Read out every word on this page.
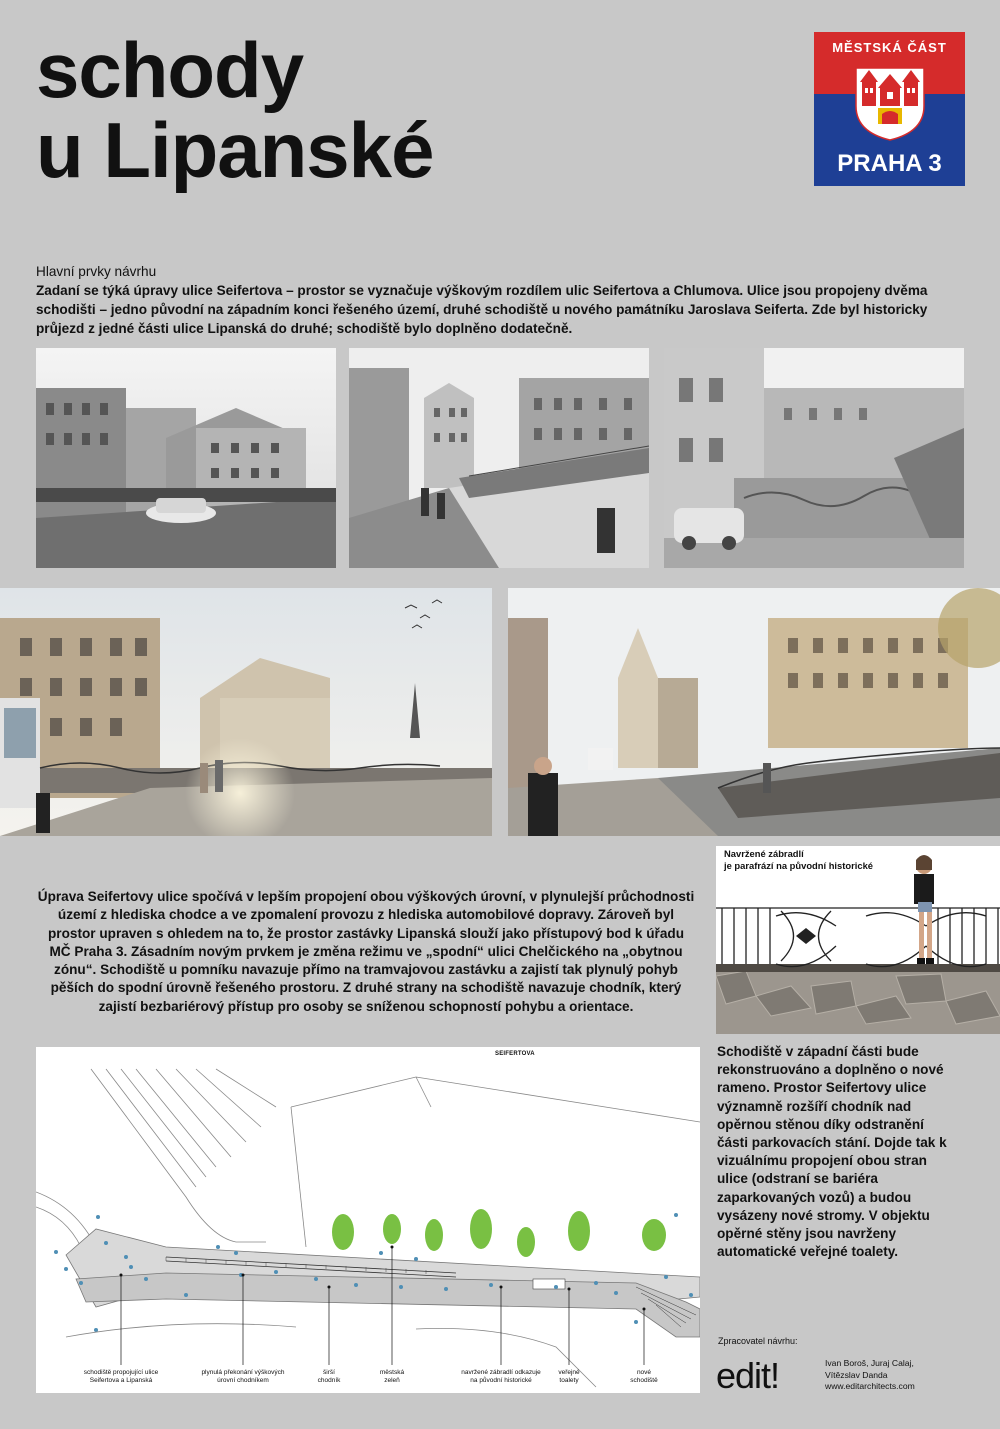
schody
u Lipanské
MĚSTSKÁ ČÁST
PRAHA 3
Hlavní prvky návrhu
Zadaní se týká úpravy ulice Seifertova – prostor se vyznačuje výškovým rozdílem ulic Seifertova a Chlumova. Ulice jsou propojeny dvěma schodišti – jedno původní na západním konci řešeného území, druhé schodiště u nového památníku Jaroslava Seiferta. Zde byl historicky průjezd z jedné části ulice Lipanská do druhé; schodiště bylo doplněno dodatečně.
Úprava Seifertovy ulice spočívá v lepším propojení obou výškových úrovní, v plynulejší průchodnosti území z hlediska chodce a ve zpomalení provozu z hlediska automobilové dopravy. Zároveň byl prostor upraven s ohledem na to, že prostor zastávky Lipanská slouží jako přístupový bod k úřadu MČ Praha 3. Zásadním novým prvkem je změna režimu ve „spodní“ ulici Chelčického na „obytnou zónu“. Schodiště u pomníku navazuje přímo na tramvajovou zastávku a zajistí tak plynulý pohyb pěších do spodní úrovně řešeného prostoru. Z druhé strany na schodiště navazuje chodník, který zajistí bezbariérový přístup pro osoby se sníženou schopností pohybu a orientace.
Navržené zábradlí
je parafrází na původní historické
SEIFERTOVA
schodiště propojující ulice
Seifertova a Lipanská
plynulá překonání výškových
úrovní chodníkem
širší
chodník
městská
zeleň
navržené zábradlí odkazuje
na původní historické
veřejné
toalety
nové
schodiště
Schodiště v západní části bude rekonstruováno a doplněno o nové rameno. Prostor Seifertovy ulice významně rozšíří chodník nad opěrnou stěnou díky odstranění části parkovacích stání. Dojde tak k vizuálnímu propojení obou stran ulice (odstraní se bariéra zaparkovaných vozů) a budou vysázeny nové stromy. V objektu opěrné stěny jsou navrženy automatické veřejné toalety.
Zpracovatel návrhu:
edit!	Ivan Boroš, Juraj Calaj,
Vítězslav Danda
www.editarchitects.com
